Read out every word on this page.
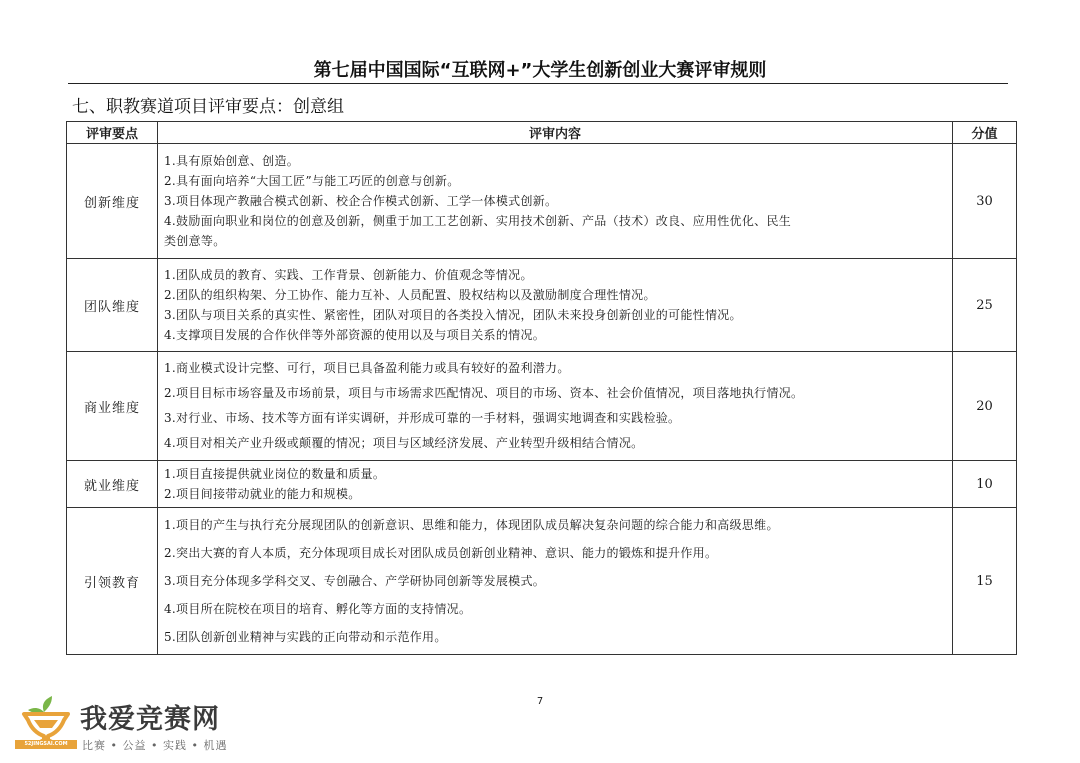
第七届中国国际“互联网+”大学生创新创业大赛评审规则
七、职教赛道项目评审要点：创意组
评审要点	评审内容	分值
创新维度	1.具有原始创意、创造。
2.具有面向培养“大国工匠”与能工巧匠的创意与创新。
3.项目体现产教融合模式创新、校企合作模式创新、工学一体模式创新。
4.鼓励面向职业和岗位的创意及创新，侧重于加工工艺创新、实用技术创新、产品（技术）改良、应用性优化、民生
类创意等。	30
团队维度	1.团队成员的教育、实践、工作背景、创新能力、价值观念等情况。
2.团队的组织构架、分工协作、能力互补、人员配置、股权结构以及激励制度合理性情况。
3.团队与项目关系的真实性、紧密性，团队对项目的各类投入情况，团队未来投身创新创业的可能性情况。
4.支撑项目发展的合作伙伴等外部资源的使用以及与项目关系的情况。	25
商业维度	1.商业模式设计完整、可行，项目已具备盈利能力或具有较好的盈利潜力。
2.项目目标市场容量及市场前景，项目与市场需求匹配情况、项目的市场、资本、社会价值情况，项目落地执行情况。
3.对行业、市场、技术等方面有详实调研，并形成可靠的一手材料，强调实地调查和实践检验。
4.项目对相关产业升级或颠覆的情况；项目与区域经济发展、产业转型升级相结合情况。	20
就业维度	1.项目直接提供就业岗位的数量和质量。
2.项目间接带动就业的能力和规模。	10
引领教育	1.项目的产生与执行充分展现团队的创新意识、思维和能力，体现团队成员解决复杂问题的综合能力和高级思维。
2.突出大赛的育人本质，充分体现项目成长对团队成员创新创业精神、意识、能力的锻炼和提升作用。
3.项目充分体现多学科交叉、专创融合、产学研协同创新等发展模式。
4.项目所在院校在项目的培育、孵化等方面的支持情况。
5.团队创新创业精神与实践的正向带动和示范作用。	15
7
52JINGSAI.COM
我爱竞赛网
比赛 • 公益 • 实践 • 机遇
